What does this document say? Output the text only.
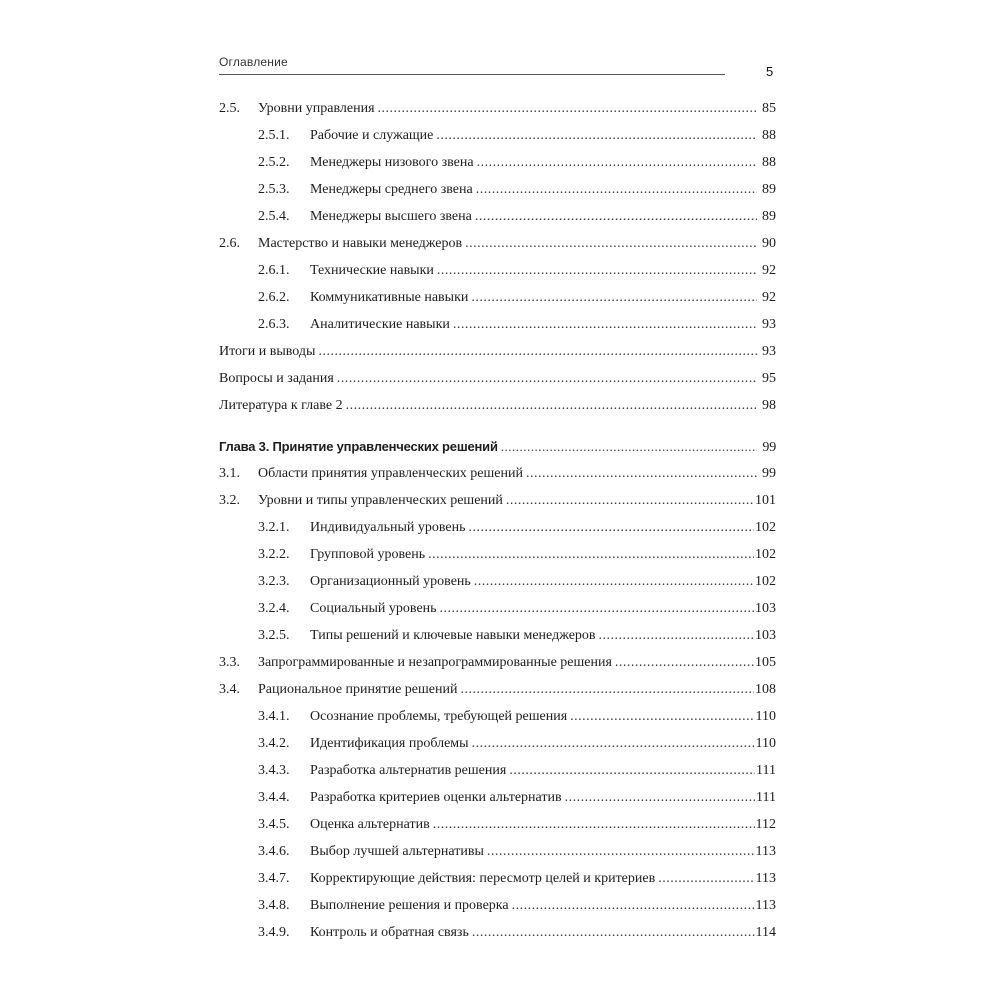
Оглавление
5
2.5.	Уровни управления .....	85
2.5.1.	Рабочие и служащие .....	88
2.5.2.	Менеджеры низового звена .....	88
2.5.3.	Менеджеры среднего звена .....	89
2.5.4.	Менеджеры высшего звена .....	89
2.6.	Мастерство и навыки менеджеров .....	90
2.6.1.	Технические навыки .....	92
2.6.2.	Коммуникативные навыки .....	92
2.6.3.	Аналитические навыки .....	93
Итоги и выводы .....	93
Вопросы и задания .....	95
Литература к главе 2 .....	98
Глава 3. Принятие управленческих решений .....	99
3.1.	Области принятия управленческих решений .....	99
3.2.	Уровни и типы управленческих решений .....	101
3.2.1.	Индивидуальный уровень .....	102
3.2.2.	Групповой уровень .....	102
3.2.3.	Организационный уровень .....	102
3.2.4.	Социальный уровень .....	103
3.2.5.	Типы решений и ключевые навыки менеджеров .....	103
3.3.	Запрограммированные и незапрограммированные решения .....	105
3.4.	Рациональное принятие решений .....	108
3.4.1.	Осознание проблемы, требующей решения .....	110
3.4.2.	Идентификация проблемы .....	110
3.4.3.	Разработка альтернатив решения .....	111
3.4.4.	Разработка критериев оценки альтернатив .....	111
3.4.5.	Оценка альтернатив .....	112
3.4.6.	Выбор лучшей альтернативы .....	113
3.4.7.	Корректирующие действия: пересмотр целей и критериев .....	113
3.4.8.	Выполнение решения и проверка .....	113
3.4.9.	Контроль и обратная связь .....	114
